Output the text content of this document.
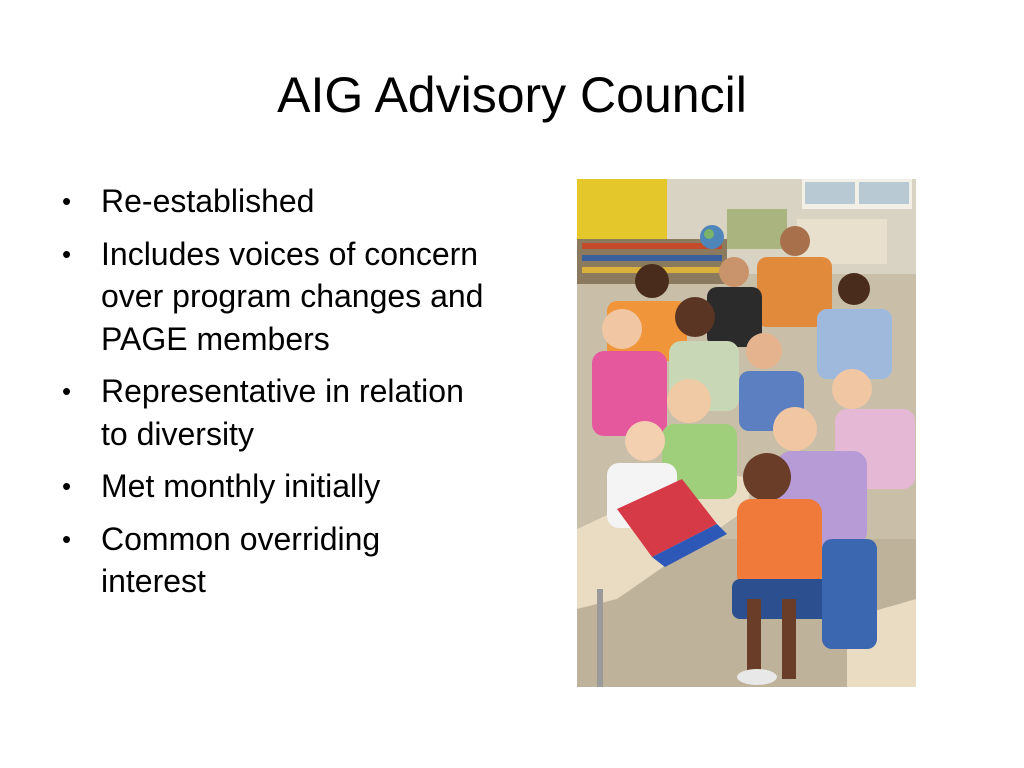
AIG Advisory Council
• Re-established
• Includes voices of concern over program changes and PAGE members
• Representative in relation to diversity
• Met monthly initially
• Common overriding interest
